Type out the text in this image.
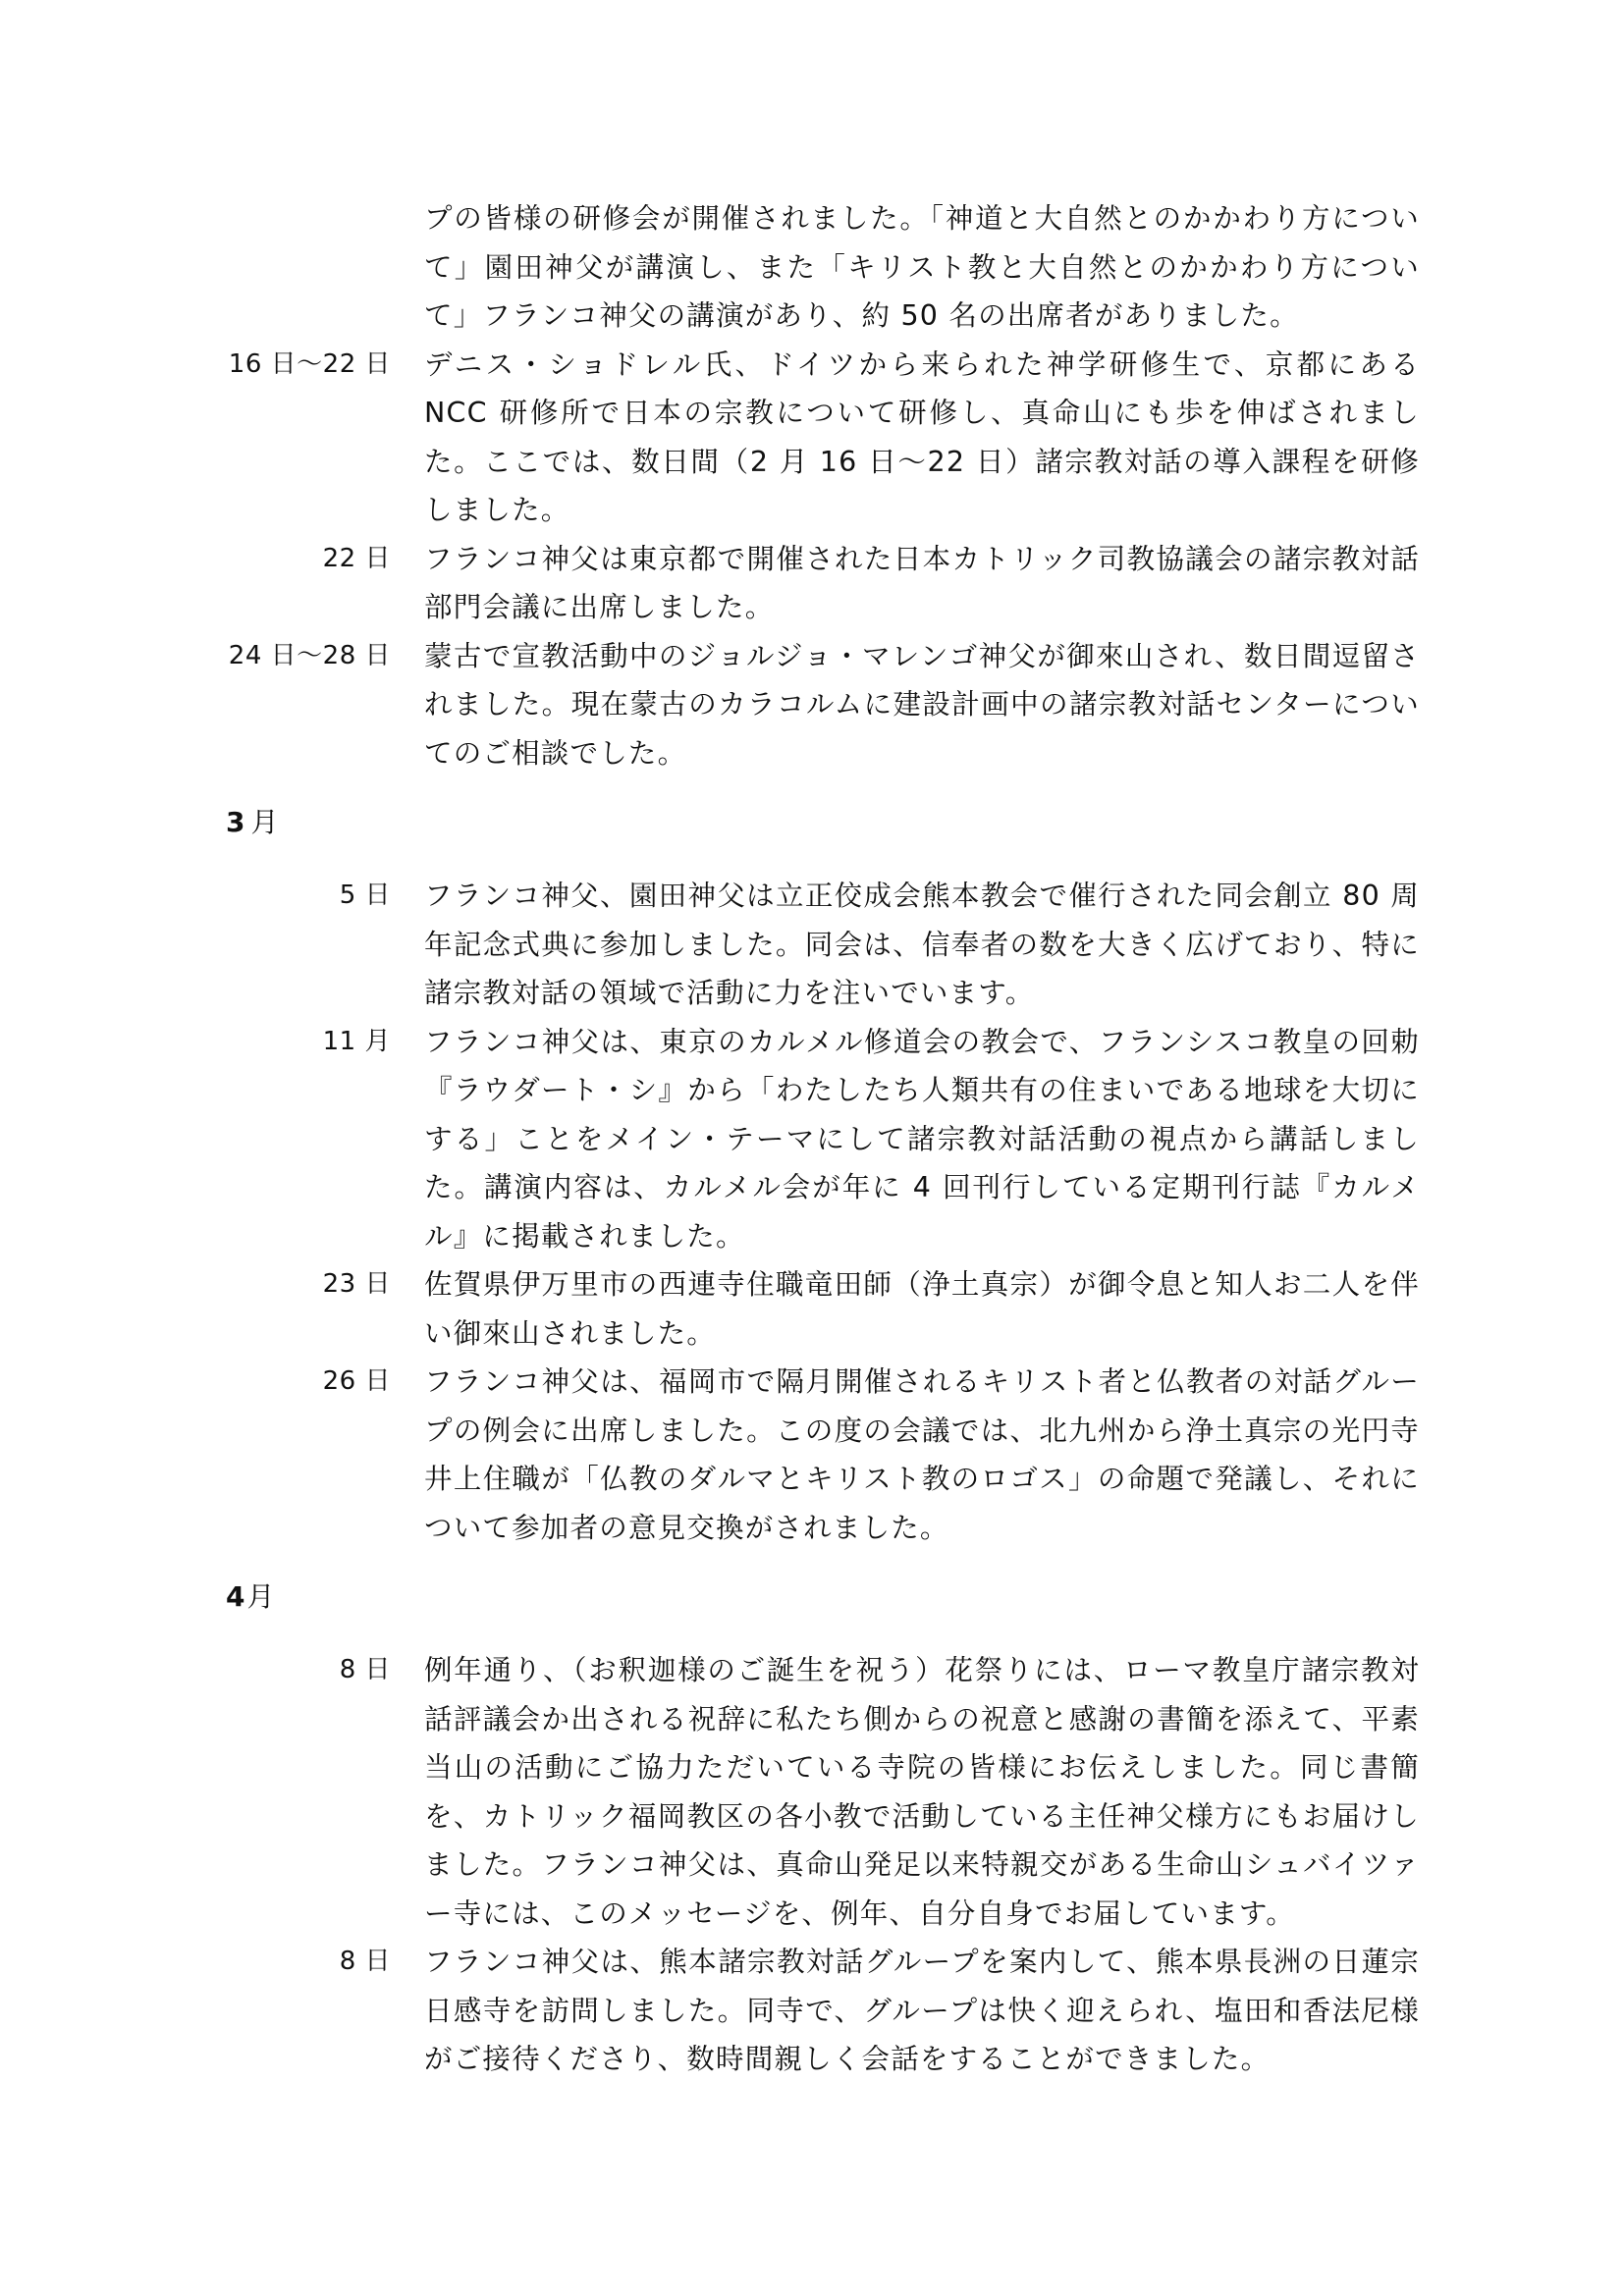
プの皆様の研修会が開催されました。「神道と大自然とのかかわり方について」園田神父が講演し、また「キリスト教と大自然とのかかわり方について」フランコ神父の講演があり、約 50 名の出席者がありました。
16 日〜22 日 デニス・ショドレル氏、ドイツから来られた神学研修生で、京都にある NCC 研修所で日本の宗教について研修し、真命山にも歩を伸ばされました。ここでは、数日間（2 月 16 日〜22 日）諸宗教対話の導入課程を研修しました。
22 日 フランコ神父は東京都で開催された日本カトリック司教協議会の諸宗教対話部門会議に出席しました。
24 日〜28 日 蒙古で宣教活動中のジョルジョ・マレンゴ神父が御來山され、数日間逗留されました。現在蒙古のカラコルムに建設計画中の諸宗教対話センターについてのご相談でした。
3 月
5 日 フランコ神父、園田神父は立正佼成会熊本教会で催行された同会創立 80 周年記念式典に参加しました。同会は、信奉者の数を大きく広げており、特に諸宗教対話の領域で活動に力を注いでいます。
11 月 フランコ神父は、東京のカルメル修道会の教会で、フランシスコ教皇の回勅『ラウダート・シ』から「わたしたち人類共有の住まいである地球を大切にする」ことをメイン・テーマにして諸宗教対話活動の視点から講話しました。講演内容は、カルメル会が年に 4 回刊行している定期刊行誌『カルメル』に掲載されました。
23 日 佐賀県伊万里市の西連寺住職竜田師（浄土真宗）が御令息と知人お二人を伴い御來山されました。
26 日 フランコ神父は、福岡市で隔月開催されるキリスト者と仏教者の対話グループの例会に出席しました。この度の会議では、北九州から浄土真宗の光円寺井上住職が「仏教のダルマとキリスト教のロゴス」の命題で発議し、それについて参加者の意見交換がされました。
4月
8 日 例年通り、（お釈迦様のご誕生を祝う）花祭りには、ローマ教皇庁諸宗教対話評議会か出される祝辞に私たち側からの祝意と感謝の書簡を添えて、平素当山の活動にご協力ただいている寺院の皆様にお伝えしました。同じ書簡を、カトリック福岡教区の各小教で活動している主任神父様方にもお届けしました。フランコ神父は、真命山発足以来特親交がある生命山シュバイツァー寺には、このメッセージを、例年、自分自身でお届しています。
8 日 フランコ神父は、熊本諸宗教対話グループを案内して、熊本県長洲の日蓮宗日感寺を訪問しました。同寺で、グループは快く迎えられ、塩田和香法尼様がご接待くださり、数時間親しく会話をすることができました。
